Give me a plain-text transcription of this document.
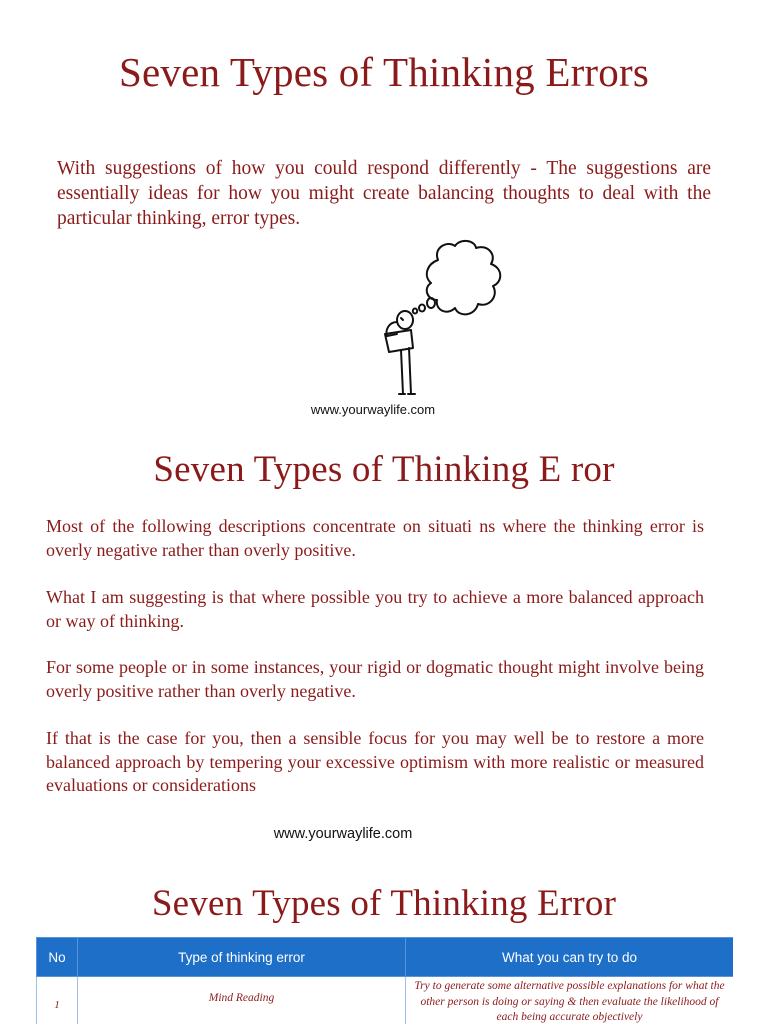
Seven Types of Thinking Errors

With suggestions of how you could respond differently - The suggestions are essentially ideas for how you might create balancing thoughts to deal with the particular thinking, error types.

www.yourwaylife.com

Seven Types of Thinking E ror

Most of the following descriptions concentrate on situati ns where the thinking error is overly negative rather than overly positive.

What I am suggesting is that where possible you try to achieve a more balanced approach or way of thinking.

For some people or in some instances, your rigid or dogmatic thought might involve being overly positive rather than overly negative.

If that is the case for you, then a sensible focus for you may well be to restore a more balanced approach by tempering your excessive optimism with more realistic or measured evaluations or considerations

www.yourwaylife.com

Seven Types of Thinking Error
No	Type of thinking error	What you can try to do
1	Mind Reading	Try to generate some alternative possible explanations for what the other person is doing or saying & then evaluate the likelihood of each being accurate objectively
